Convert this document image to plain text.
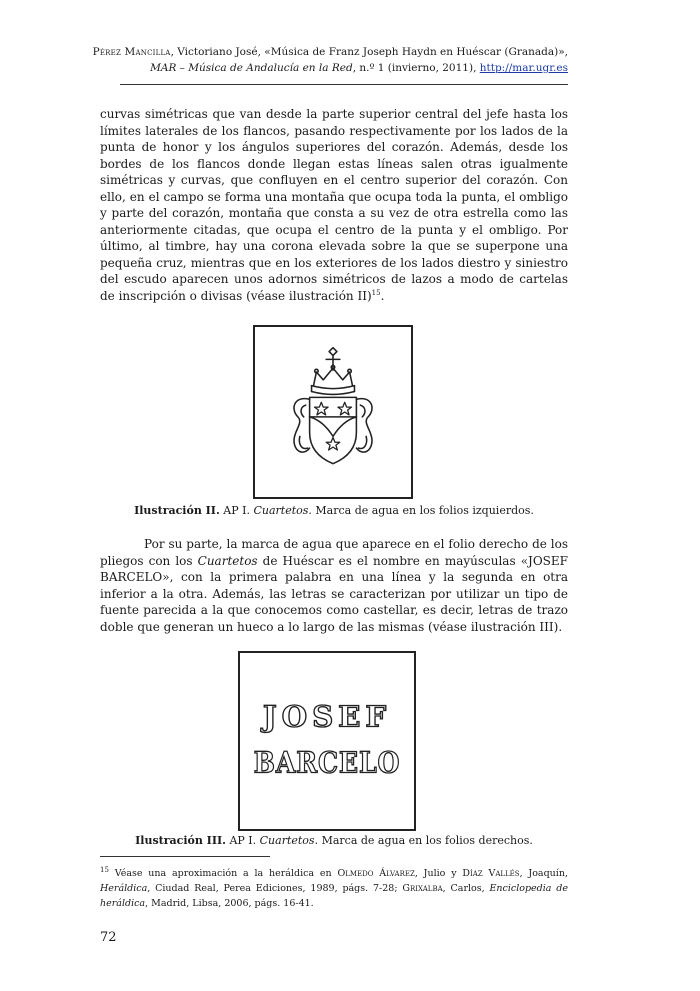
Pérez Mancilla, Victoriano José, «Música de Franz Joseph Haydn en Huéscar (Granada)»,
MAR – Música de Andalucía en la Red, n.º 1 (invierno, 2011), http://mar.ugr.es

curvas simétricas que van desde la parte superior central del jefe hasta los límites laterales de los flancos, pasando respectivamente por los lados de la punta de honor y los ángulos superiores del corazón. Además, desde los bordes de los flancos donde llegan estas líneas salen otras igualmente simétricas y curvas, que confluyen en el centro superior del corazón. Con ello, en el campo se forma una montaña que ocupa toda la punta, el ombligo y parte del corazón, montaña que consta a su vez de otra estrella como las anteriormente citadas, que ocupa el centro de la punta y el ombligo. Por último, al timbre, hay una corona elevada sobre la que se superpone una pequeña cruz, mientras que en los exteriores de los lados diestro y siniestro del escudo aparecen unos adornos simétricos de lazos a modo de cartelas de inscripción o divisas (véase ilustración II)$^{15}$.

Ilustración II. AP I. Cuartetos. Marca de agua en los folios izquierdos.

Por su parte, la marca de agua que aparece en el folio derecho de los pliegos con los Cuartetos de Huéscar es el nombre en mayúsculas «JOSEF BARCELO», con la primera palabra en una línea y la segunda en otra inferior a la otra. Además, las letras se caracterizan por utilizar un tipo de fuente parecida a la que conocemos como castellar, es decir, letras de trazo doble que generan un hueco a lo largo de las mismas (véase ilustración III).

JOSEF
BARCELO
Ilustración III. AP I. Cuartetos. Marca de agua en los folios derechos.

$^{15}$ Véase una aproximación a la heráldica en Olmedo Álvarez, Julio y Díaz Vallés, Joaquín, Heráldica, Ciudad Real, Perea Ediciones, 1989, págs. 7-28; Grixalba, Carlos, Enciclopedia de heráldica, Madrid, Libsa, 2006, págs. 16-41.

72
